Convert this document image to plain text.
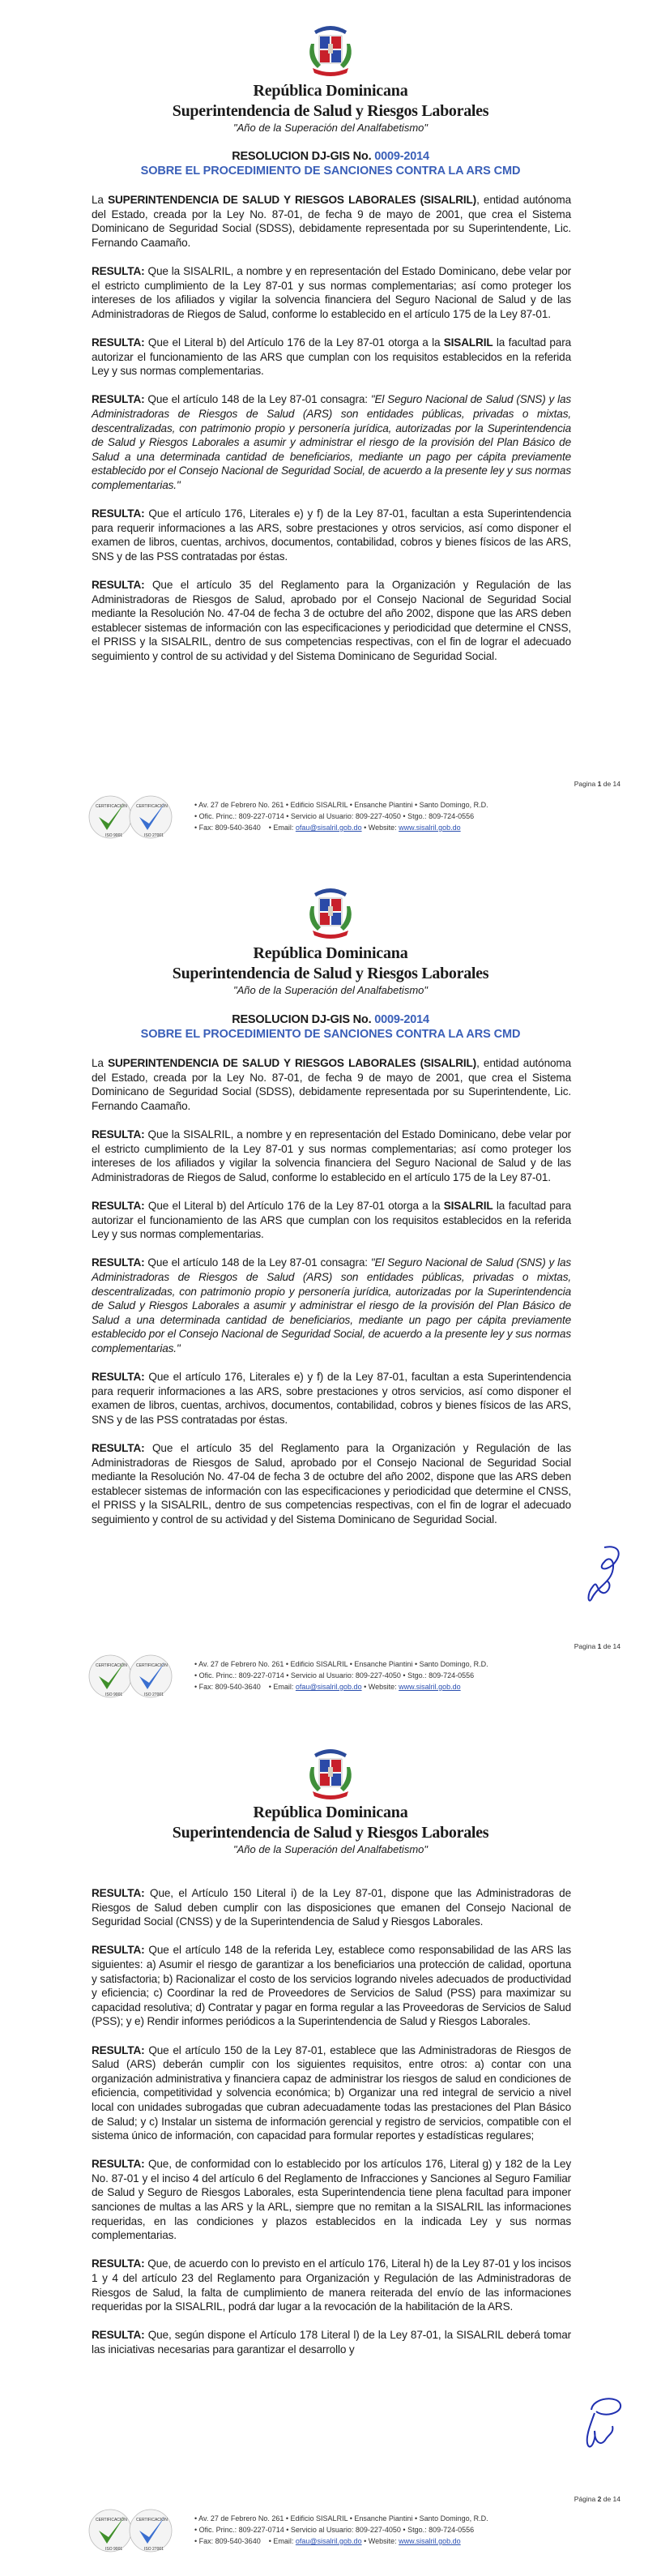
República Dominicana
Superintendencia de Salud y Riesgos Laborales
"Año de la Superación del Analfabetismo"
RESOLUCION DJ-GIS No. 0009-2014
SOBRE EL PROCEDIMIENTO DE SANCIONES CONTRA LA ARS CMD

La SUPERINTENDENCIA DE SALUD Y RIESGOS LABORALES (SISALRIL), entidad autónoma del Estado, creada por la Ley No. 87-01, de fecha 9 de mayo de 2001, que crea el Sistema Dominicano de Seguridad Social (SDSS), debidamente representada por su Superintendente, Lic. Fernando Caamaño.

RESULTA: Que la SISALRIL, a nombre y en representación del Estado Dominicano, debe velar por el estricto cumplimiento de la Ley 87-01 y sus normas complementarias; así como proteger los intereses de los afiliados y vigilar la solvencia financiera del Seguro Nacional de Salud y de las Administradoras de Riegos de Salud, conforme lo establecido en el artículo 175 de la Ley 87-01.

RESULTA: Que el Literal b) del Artículo 176 de la Ley 87-01 otorga a la SISALRIL la facultad para autorizar el funcionamiento de las ARS que cumplan con los requisitos establecidos en la referida Ley y sus normas complementarias.

RESULTA: Que el artículo 148 de la Ley 87-01 consagra: "El Seguro Nacional de Salud (SNS) y las Administradoras de Riesgos de Salud (ARS) son entidades públicas, privadas o mixtas, descentralizadas, con patrimonio propio y personería jurídica, autorizadas por la Superintendencia de Salud y Riesgos Laborales a asumir y administrar el riesgo de la provisión del Plan Básico de Salud a una determinada cantidad de beneficiarios, mediante un pago per cápita previamente establecido por el Consejo Nacional de Seguridad Social, de acuerdo a la presente ley y sus normas complementarias."

RESULTA: Que el artículo 176, Literales e) y f) de la Ley 87-01, facultan a esta Superintendencia para requerir informaciones a las ARS, sobre prestaciones y otros servicios, así como disponer el examen de libros, cuentas, archivos, documentos, contabilidad, cobros y bienes físicos de las ARS, SNS y de las PSS contratadas por éstas.

RESULTA: Que el artículo 35 del Reglamento para la Organización y Regulación de las Administradoras de Riesgos de Salud, aprobado por el Consejo Nacional de Seguridad Social mediante la Resolución No. 47-04 de fecha 3 de octubre del año 2002, dispone que las ARS deben establecer sistemas de información con las especificaciones y periodicidad que determine el CNSS, el PRISS y la SISALRIL, dentro de sus competencias respectivas, con el fin de lograr el adecuado seguimiento y control de su actividad y del Sistema Dominicano de Seguridad Social.

Pagina 1 de 14
CERTIFICACIÓN
ISO 9001
CERTIFICACIÓN
ISO 27001
• Av. 27 de Febrero No. 261 • Edificio SISALRIL • Ensanche Piantini • Santo Domingo, R.D.
• Ofic. Princ.: 809-227-0714 • Servicio al Usuario: 809-227-4050 • Stgo.: 809-724-0556
• Fax: 809-540-3640 • Email: ofau@sisalril.gob.do • Website: www.sisalril.gob.do
República Dominicana
Superintendencia de Salud y Riesgos Laborales
"Año de la Superación del Analfabetismo"
RESOLUCION DJ-GIS No. 0009-2014
SOBRE EL PROCEDIMIENTO DE SANCIONES CONTRA LA ARS CMD

La SUPERINTENDENCIA DE SALUD Y RIESGOS LABORALES (SISALRIL), entidad autónoma del Estado, creada por la Ley No. 87-01, de fecha 9 de mayo de 2001, que crea el Sistema Dominicano de Seguridad Social (SDSS), debidamente representada por su Superintendente, Lic. Fernando Caamaño.

RESULTA: Que la SISALRIL, a nombre y en representación del Estado Dominicano, debe velar por el estricto cumplimiento de la Ley 87-01 y sus normas complementarias; así como proteger los intereses de los afiliados y vigilar la solvencia financiera del Seguro Nacional de Salud y de las Administradoras de Riegos de Salud, conforme lo establecido en el artículo 175 de la Ley 87-01.

RESULTA: Que el Literal b) del Artículo 176 de la Ley 87-01 otorga a la SISALRIL la facultad para autorizar el funcionamiento de las ARS que cumplan con los requisitos establecidos en la referida Ley y sus normas complementarias.

RESULTA: Que el artículo 148 de la Ley 87-01 consagra: "El Seguro Nacional de Salud (SNS) y las Administradoras de Riesgos de Salud (ARS) son entidades públicas, privadas o mixtas, descentralizadas, con patrimonio propio y personería jurídica, autorizadas por la Superintendencia de Salud y Riesgos Laborales a asumir y administrar el riesgo de la provisión del Plan Básico de Salud a una determinada cantidad de beneficiarios, mediante un pago per cápita previamente establecido por el Consejo Nacional de Seguridad Social, de acuerdo a la presente ley y sus normas complementarias."

RESULTA: Que el artículo 176, Literales e) y f) de la Ley 87-01, facultan a esta Superintendencia para requerir informaciones a las ARS, sobre prestaciones y otros servicios, así como disponer el examen de libros, cuentas, archivos, documentos, contabilidad, cobros y bienes físicos de las ARS, SNS y de las PSS contratadas por éstas.

RESULTA: Que el artículo 35 del Reglamento para la Organización y Regulación de las Administradoras de Riesgos de Salud, aprobado por el Consejo Nacional de Seguridad Social mediante la Resolución No. 47-04 de fecha 3 de octubre del año 2002, dispone que las ARS deben establecer sistemas de información con las especificaciones y periodicidad que determine el CNSS, el PRISS y la SISALRIL, dentro de sus competencias respectivas, con el fin de lograr el adecuado seguimiento y control de su actividad y del Sistema Dominicano de Seguridad Social.

Pagina 1 de 14
CERTIFICACIÓN
ISO 9001
CERTIFICACIÓN
ISO 27001
• Av. 27 de Febrero No. 261 • Edificio SISALRIL • Ensanche Piantini • Santo Domingo, R.D.
• Ofic. Princ.: 809-227-0714 • Servicio al Usuario: 809-227-4050 • Stgo.: 809-724-0556
• Fax: 809-540-3640 • Email: ofau@sisalril.gob.do • Website: www.sisalril.gob.do
República Dominicana
Superintendencia de Salud y Riesgos Laborales
"Año de la Superación del Analfabetismo"

RESULTA: Que, el Artículo 150 Literal i) de la Ley 87-01, dispone que las Administradoras de Riesgos de Salud deben cumplir con las disposiciones que emanen del Consejo Nacional de Seguridad Social (CNSS) y de la Superintendencia de Salud y Riesgos Laborales.

RESULTA: Que el artículo 148 de la referida Ley, establece como responsabilidad de las ARS las siguientes: a) Asumir el riesgo de garantizar a los beneficiarios una protección de calidad, oportuna y satisfactoria; b) Racionalizar el costo de los servicios logrando niveles adecuados de productividad y eficiencia; c) Coordinar la red de Proveedores de Servicios de Salud (PSS) para maximizar su capacidad resolutiva; d) Contratar y pagar en forma regular a las Proveedoras de Servicios de Salud (PSS); y e) Rendir informes periódicos a la Superintendencia de Salud y Riesgos Laborales.

RESULTA: Que el artículo 150 de la Ley 87-01, establece que las Administradoras de Riesgos de Salud (ARS) deberán cumplir con los siguientes requisitos, entre otros: a) contar con una organización administrativa y financiera capaz de administrar los riesgos de salud en condiciones de eficiencia, competitividad y solvencia económica; b) Organizar una red integral de servicio a nivel local con unidades subrogadas que cubran adecuadamente todas las prestaciones del Plan Básico de Salud; y c) Instalar un sistema de información gerencial y registro de servicios, compatible con el sistema único de información, con capacidad para formular reportes y estadísticas regulares;

RESULTA: Que, de conformidad con lo establecido por los artículos 176, Literal g) y 182 de la Ley No. 87-01 y el inciso 4 del artículo 6 del Reglamento de Infracciones y Sanciones al Seguro Familiar de Salud y Seguro de Riesgos Laborales, esta Superintendencia tiene plena facultad para imponer sanciones de multas a las ARS y la ARL, siempre que no remitan a la SISALRIL las informaciones requeridas, en las condiciones y plazos establecidos en la indicada Ley y sus normas complementarias.

RESULTA: Que, de acuerdo con lo previsto en el artículo 176, Literal h) de la Ley 87-01 y los incisos 1 y 4 del artículo 23 del Reglamento para Organización y Regulación de las Administradoras de Riesgos de Salud, la falta de cumplimiento de manera reiterada del envío de las informaciones requeridas por la SISALRIL, podrá dar lugar a la revocación de la habilitación de la ARS.

RESULTA: Que, según dispone el Artículo 178 Literal l) de la Ley 87-01, la SISALRIL deberá tomar las iniciativas necesarias para garantizar el desarrollo y

Página 2 de 14
CERTIFICACIÓN
ISO 9001
CERTIFICACIÓN
ISO 27001
• Av. 27 de Febrero No. 261 • Edificio SISALRIL • Ensanche Piantini • Santo Domingo, R.D.
• Ofic. Princ.: 809-227-0714 • Servicio al Usuario: 809-227-4050 • Stgo.: 809-724-0556
• Fax: 809-540-3640 • Email: ofau@sisalril.gob.do • Website: www.sisalril.gob.do
